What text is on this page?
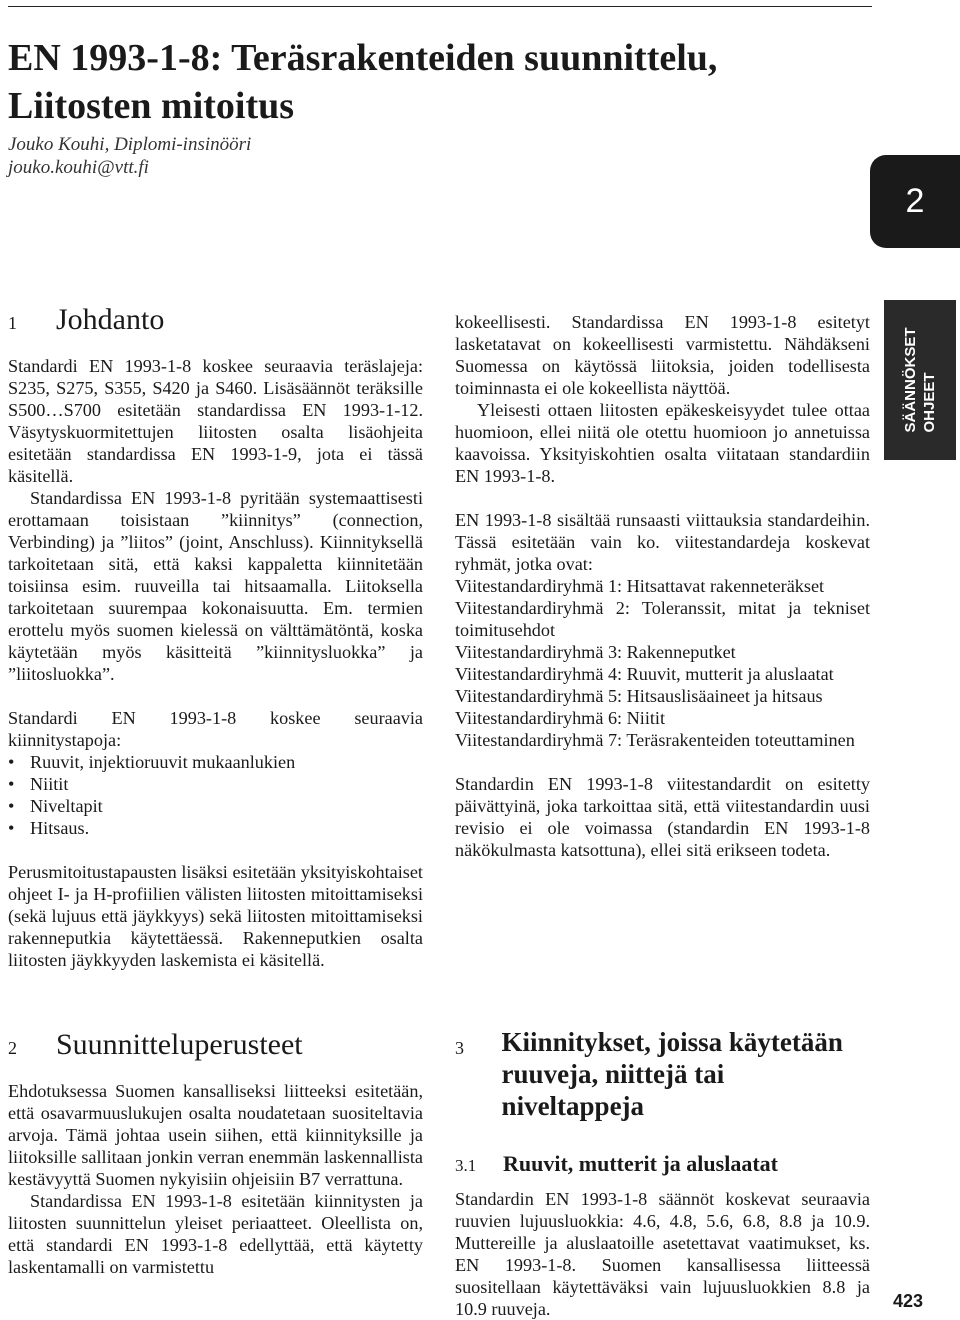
EN 1993-1-8: Teräsrakenteiden suunnittelu, Liitosten mitoitus
Jouko Kouhi, Diplomi-insinööri
jouko.kouhi@vtt.fi
2
SÄÄNNÖKSET OHJEET
1	Johdanto

Standardi EN 1993-1-8 koskee seuraavia teräslajeja: S235, S275, S355, S420 ja S460. Lisäsäännöt teräksille S500…S700 esitetään standardissa EN 1993-1-12. Väsytyskuormitettujen liitosten osalta lisäohjeita esitetään standardissa EN 1993-1-9, jota ei tässä käsitellä.

Standardissa EN 1993-1-8 pyritään systemaattisesti erottamaan toisistaan ”kiinnitys” (connection, Verbinding) ja ”liitos” (joint, Anschluss). Kiinnityksellä tarkoitetaan sitä, että kaksi kappaletta kiinnitetään toisiinsa esim. ruuveilla tai hitsaamalla. Liitoksella tarkoitetaan suurempaa kokonaisuutta. Em. termien erottelu myös suomen kielessä on välttämätöntä, koska käytetään myös käsitteitä ”kiinnitysluokka” ja ”liitosluokka”.

Standardi EN 1993-1-8 koskee seuraavia kiinnitystapoja:

• Ruuvit, injektioruuvit mukaanlukien
• Niitit
• Niveltapit
• Hitsaus.

Perusmitoitustapausten lisäksi esitetään yksityiskohtaiset ohjeet I- ja H-profiilien välisten liitosten mitoittamiseksi (sekä lujuus että jäykkyys) sekä liitosten mitoittamiseksi rakenneputkia käytettäessä. Rakenneputkien osalta liitosten jäykkyyden laskemista ei käsitellä.

2	Suunnitteluperusteet

Ehdotuksessa Suomen kansalliseksi liitteeksi esitetään, että osavarmuuslukujen osalta noudatetaan suositeltavia arvoja. Tämä johtaa usein siihen, että kiinnityksille ja liitoksille sallitaan jonkin verran enemmän laskennallista kestävyyttä Suomen nykyisiin ohjeisiin B7 verrattuna.

Standardissa EN 1993-1-8 esitetään kiinnitysten ja liitosten suunnittelun yleiset periaatteet. Oleellista on, että standardi EN 1993-1-8 edellyttää, että käytetty laskentamalli on varmistettu

kokeellisesti. Standardissa EN 1993-1-8 esitetyt lasketatavat on kokeellisesti varmistettu. Nähdäkseni Suomessa on käytössä liitoksia, joiden todellisesta toiminnasta ei ole kokeellista näyttöä.

Yleisesti ottaen liitosten epäkeskeisyydet tulee ottaa huomioon, ellei niitä ole otettu huomioon jo annetuissa kaavoissa. Yksityiskohtien osalta viitataan standardiin EN 1993-1-8.

EN 1993-1-8 sisältää runsaasti viittauksia standardeihin. Tässä esitetään vain ko. viitestandardeja koskevat ryhmät, jotka ovat:

Viitestandardiryhmä 1: Hitsattavat rakenneteräkset

Viitestandardiryhmä 2: Toleranssit, mitat ja tekniset toimitusehdot

Viitestandardiryhmä 3: Rakenneputket

Viitestandardiryhmä 4: Ruuvit, mutterit ja aluslaatat

Viitestandardiryhmä 5: Hitsauslisäaineet ja hitsaus

Viitestandardiryhmä 6: Niitit

Viitestandardiryhmä 7: Teräsrakenteiden toteuttaminen

Standardin EN 1993-1-8 viitestandardit on esitetty päivättyinä, joka tarkoittaa sitä, että viitestandardin uusi revisio ei ole voimassa (standardin EN 1993-1-8 näkökulmasta katsottuna), ellei sitä erikseen todeta.

3	Kiinnitykset, joissa käytetään ruuveja, niittejä tai niveltappeja
3.1	Ruuvit, mutterit ja aluslaatat

Standardin EN 1993-1-8 säännöt koskevat seuraavia ruuvien lujuusluokkia: 4.6, 4.8, 5.6, 6.8, 8.8 ja 10.9. Muttereille ja aluslaatoille asetettavat vaatimukset, ks. EN 1993-1-8. Suomen kansallisessa liitteessä suositellaan käytettäväksi vain lujuusluokkien 8.8 ja 10.9 ruuveja.	423
